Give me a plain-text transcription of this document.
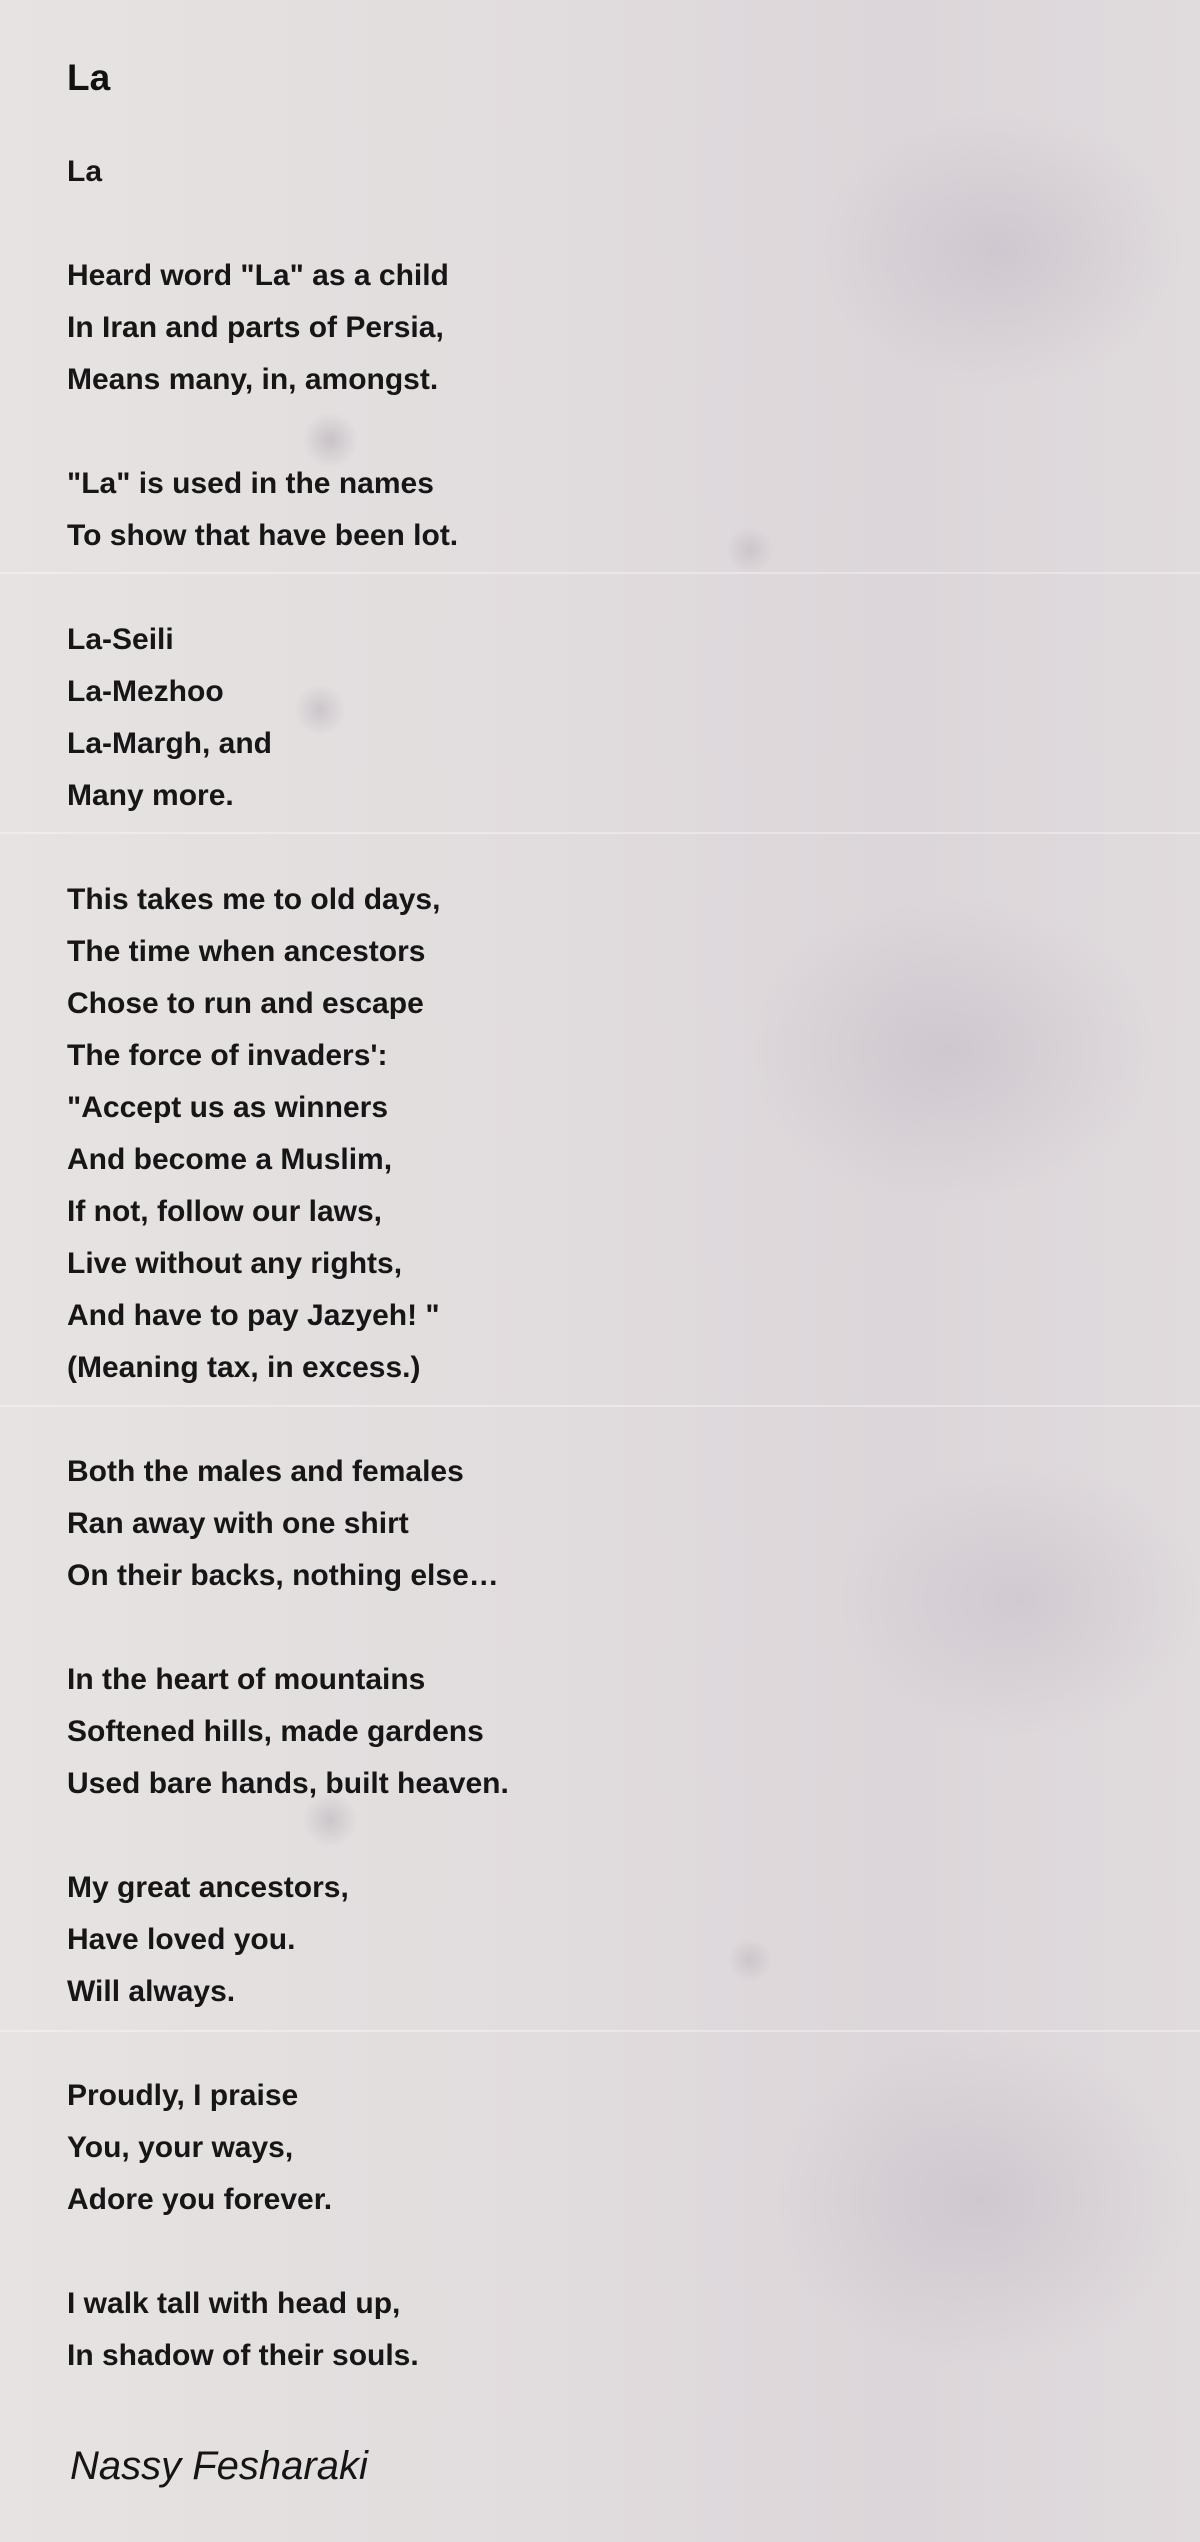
La
La
Heard word "La" as a child
In Iran and parts of Persia,
Means many, in, amongst.
"La" is used in the names
To show that have been lot.
La-Seili
La-Mezhoo
La-Margh, and
Many more.
This takes me to old days,
The time when ancestors
Chose to run and escape
The force of invaders':
"Accept us as winners
And become a Muslim,
If not, follow our laws,
Live without any rights,
And have to pay Jazyeh! "
(Meaning tax, in excess.)
Both the males and females
Ran away with one shirt
On their backs, nothing else…
In the heart of mountains
Softened hills, made gardens
Used bare hands, built heaven.
My great ancestors,
Have loved you.
Will always.
Proudly, I praise
You, your ways,
Adore you forever.
I walk tall with head up,
In shadow of their souls.
Nassy Fesharaki
